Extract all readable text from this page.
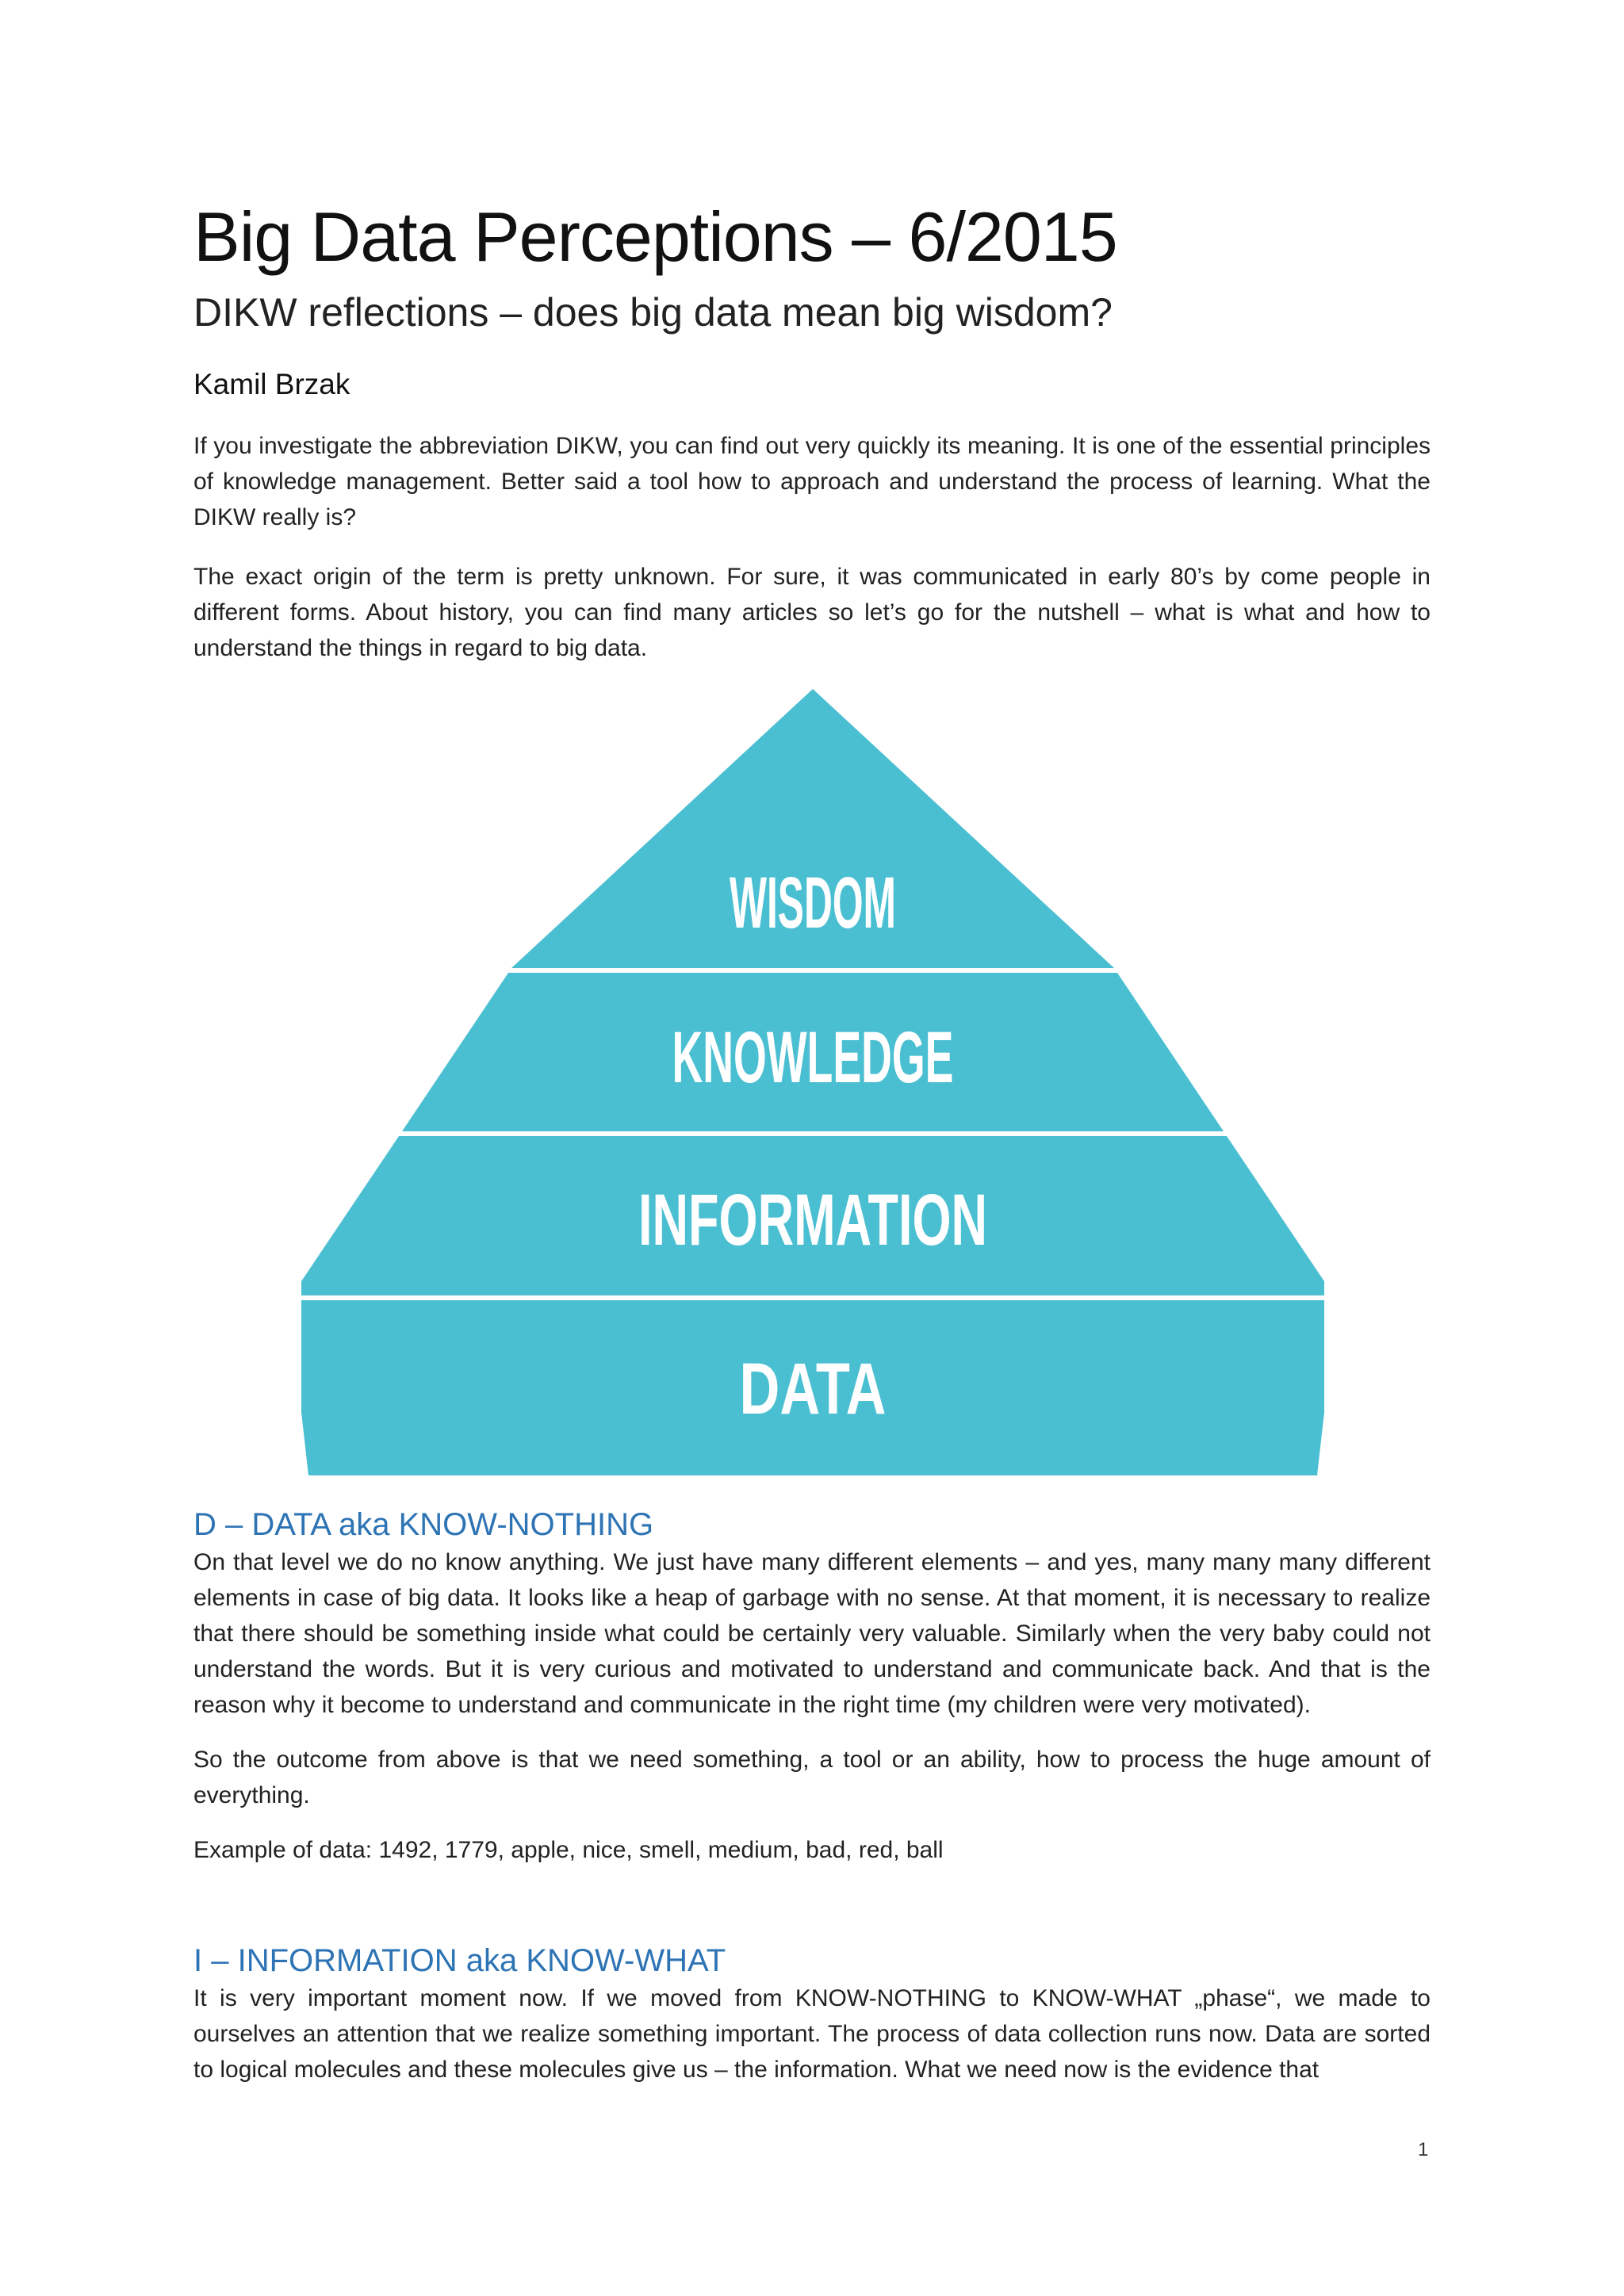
Big Data Perceptions – 6/2015
DIKW reflections – does big data mean big wisdom?
Kamil Brzak

If you investigate the abbreviation DIKW, you can find out very quickly its meaning. It is one of the essential principles of knowledge management. Better said a tool how to approach and understand the process of learning. What the DIKW really is?

The exact origin of the term is pretty unknown. For sure, it was communicated in early 80’s by come people in different forms. About history, you can find many articles so let’s go for the nutshell – what is what and how to understand the things in regard to big data.

WISDOM
KNOWLEDGE
INFORMATION
DATA
D – DATA aka KNOW-NOTHING

On that level we do no know anything. We just have many different elements – and yes, many many many different elements in case of big data. It looks like a heap of garbage with no sense. At that moment, it is necessary to realize that there should be something inside what could be certainly very valuable. Similarly when the very baby could not understand the words. But it is very curious and motivated to understand and communicate back. And that is the reason why it become to understand and communicate in the right time (my children were very motivated).

So the outcome from above is that we need something, a tool or an ability, how to process the huge amount of everything.

Example of data: 1492, 1779, apple, nice, smell, medium, bad, red, ball

I – INFORMATION aka KNOW-WHAT

It is very important moment now. If we moved from KNOW-NOTHING to KNOW-WHAT „phase“, we made to ourselves an attention that we realize something important. The process of data collection runs now. Data are sorted to logical molecules and these molecules give us – the information. What we need now is the evidence that

1
